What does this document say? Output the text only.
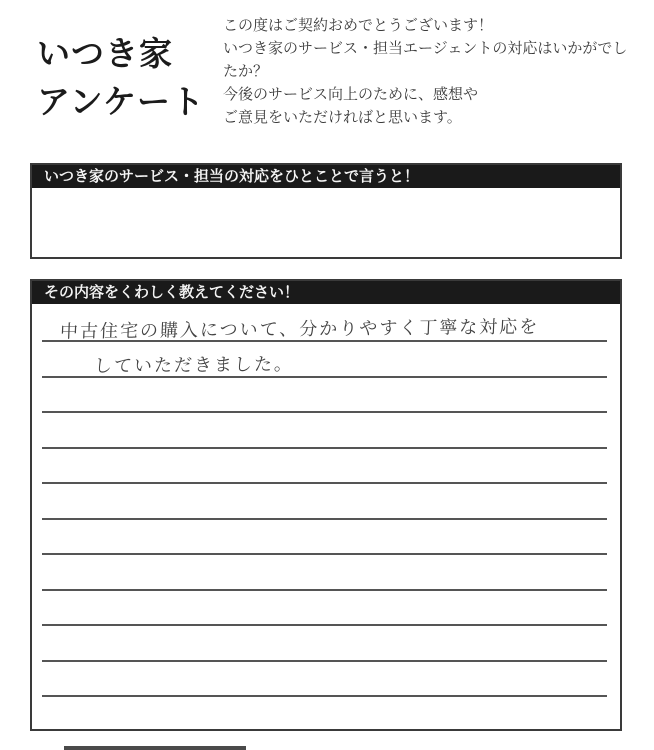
いつき家
アンケート
この度はご契約おめでとうございます！
いつき家のサービス・担当エージェントの対応はいかがでし
たか？
今後のサービス向上のために、感想や
ご意見をいただければと思います。
いつき家のサービス・担当の対応をひとことで言うと！
その内容をくわしく教えてください！
中古住宅の購入について、分かりやすく丁寧な対応を
していただきました。
